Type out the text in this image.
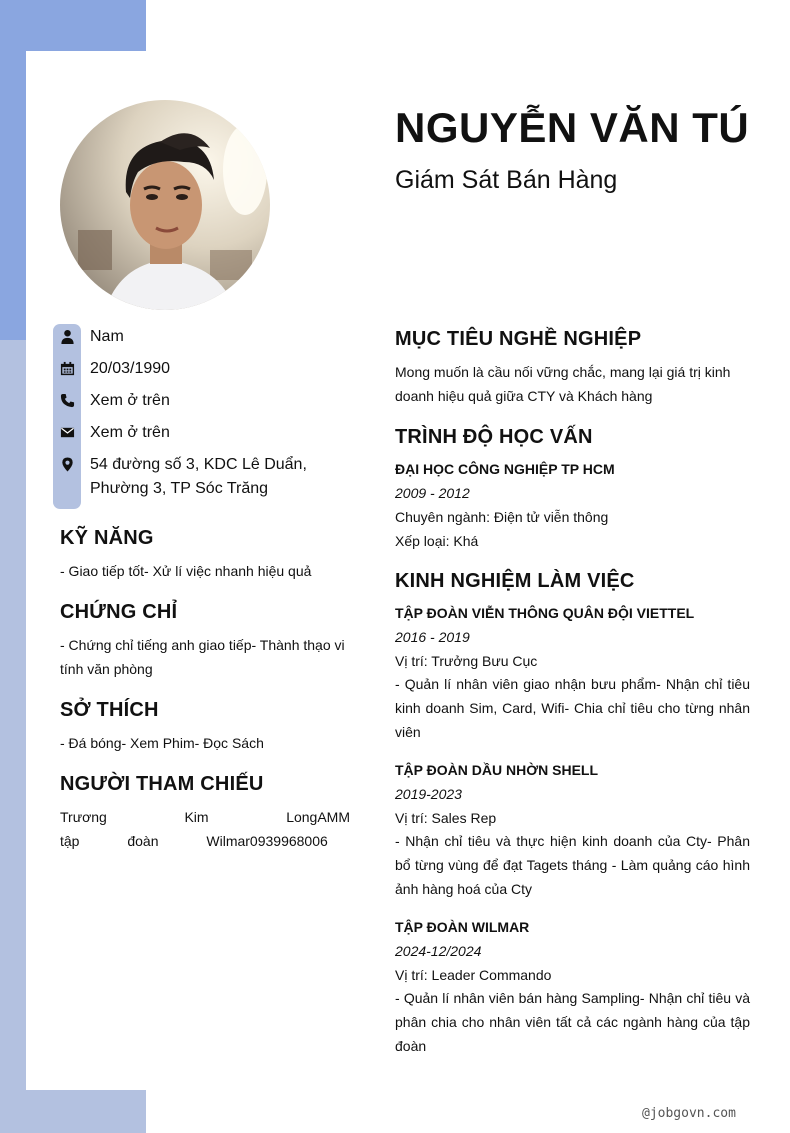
NGUYỄN VĂN TÚ
Giám Sát Bán Hàng
Nam
20/03/1990
Xem ở trên
Xem ở trên
54 đường số 3, KDC Lê Duẩn, Phường 3, TP Sóc Trăng
KỸ NĂNG
- Giao tiếp tốt- Xử lí việc nhanh hiệu quả
CHỨNG CHỈ
- Chứng chỉ tiếng anh giao tiếp- Thành thạo vi tính văn phòng
SỞ THÍCH
- Đá bóng- Xem Phim- Đọc Sách
NGƯỜI THAM CHIẾU
Trương Kim LongAMM tập đoàn Wilmar0939968006
MỤC TIÊU NGHỀ NGHIỆP
Mong muốn là cầu nối vững chắc, mang lại giá trị kinh doanh hiệu quả giữa CTY và Khách hàng
TRÌNH ĐỘ HỌC VẤN
ĐẠI HỌC CÔNG NGHIỆP TP HCM
2009 - 2012
Chuyên ngành: Điện tử viễn thông
Xếp loại: Khá
KINH NGHIỆM LÀM VIỆC
TẬP ĐOÀN VIỄN THÔNG QUÂN ĐỘI VIETTEL
2016 - 2019
Vị trí: Trưởng Bưu Cục
- Quản lí nhân viên giao nhận bưu phẩm- Nhận chỉ tiêu kinh doanh Sim, Card, Wifi- Chia chỉ tiêu cho từng nhân viên
TẬP ĐOÀN DẦU NHỜN SHELL
2019-2023
Vị trí: Sales Rep
- Nhận chỉ tiêu và thực hiện kinh doanh của Cty- Phân bổ từng vùng để đạt Tagets tháng - Làm quảng cáo hình ảnh hàng hoá của Cty
TẬP ĐOÀN WILMAR
2024-12/2024
Vị trí: Leader Commando
- Quản lí nhân viên bán hàng Sampling- Nhận chỉ tiêu và phân chia cho nhân viên tất cả các ngành hàng của tập đoàn
@jobgovn.com
